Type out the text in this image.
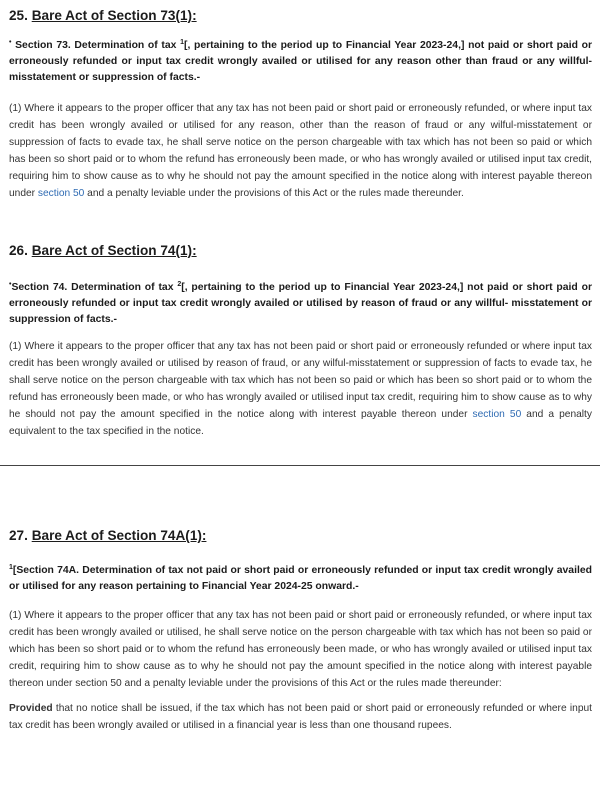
25. Bare Act of Section 73(1):

• Section 73. Determination of tax $^1$[, pertaining to the period up to Financial Year 2023-24,] not paid or short paid or erroneously refunded or input tax credit wrongly availed or utilised for any reason other than fraud or any willful-misstatement or suppression of facts.-

(1) Where it appears to the proper officer that any tax has not been paid or short paid or erroneously refunded, or where input tax credit has been wrongly availed or utilised for any reason, other than the reason of fraud or any wilful-misstatement or suppression of facts to evade tax, he shall serve notice on the person chargeable with tax which has not been so paid or which has been so short paid or to whom the refund has erroneously been made, or who has wrongly availed or utilised input tax credit, requiring him to show cause as to why he should not pay the amount specified in the notice along with interest payable thereon under section 50 and a penalty leviable under the provisions of this Act or the rules made thereunder.

26. Bare Act of Section 74(1):

•Section 74. Determination of tax $^2$[, pertaining to the period up to Financial Year 2023-24,] not paid or short paid or erroneously refunded or input tax credit wrongly availed or utilised by reason of fraud or any willful- misstatement or suppression of facts.-

(1) Where it appears to the proper officer that any tax has not been paid or short paid or erroneously refunded or where input tax credit has been wrongly availed or utilised by reason of fraud, or any wilful-misstatement or suppression of facts to evade tax, he shall serve notice on the person chargeable with tax which has not been so paid or which has been so short paid or to whom the refund has erroneously been made, or who has wrongly availed or utilised input tax credit, requiring him to show cause as to why he should not pay the amount specified in the notice along with interest payable thereon under section 50 and a penalty equivalent to the tax specified in the notice.

27. Bare Act of Section 74A(1):

$^1$[Section 74A. Determination of tax not paid or short paid or erroneously refunded or input tax credit wrongly availed or utilised for any reason pertaining to Financial Year 2024-25 onward.-

(1) Where it appears to the proper officer that any tax has not been paid or short paid or erroneously refunded, or where input tax credit has been wrongly availed or utilised, he shall serve notice on the person chargeable with tax which has not been so paid or which has been so short paid or to whom the refund has erroneously been made, or who has wrongly availed or utilised input tax credit, requiring him to show cause as to why he should not pay the amount specified in the notice along with interest payable thereon under section 50 and a penalty leviable under the provisions of this Act or the rules made thereunder:

Provided that no notice shall be issued, if the tax which has not been paid or short paid or erroneously refunded or where input tax credit has been wrongly availed or utilised in a financial year is less than one thousand rupees.
